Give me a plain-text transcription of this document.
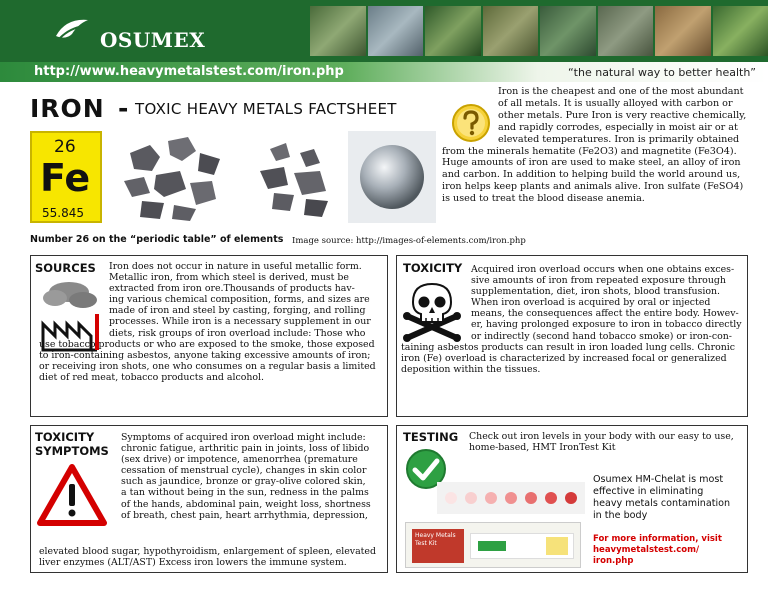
OSUMEX
http://www.heavymetalstest.com/iron.php	“the natural way to better health”
IRON - TOXIC HEAVY METALS FACTSHEET
26
Fe
55.845
Number 26 on the “periodic table” of elements Image source: http://images-of-elements.com/iron.php
Iron is the cheapest and one of the most abundant
of all metals. It is usually alloyed with carbon or
other metals. Pure Iron is very reactive chemically,
and rapidly corrodes, especially in moist air or at
elevated temperatures. Iron is primarily obtained
from the minerals hematite (Fe2O3) and magnetite (Fe3O4).
Huge amounts of iron are used to make steel, an alloy of iron
and carbon. In addition to helping build the world around us,
iron helps keep plants and animals alive. Iron sulfate (FeSO4)
is used to treat the blood disease anemia.
SOURCES Iron does not occur in nature in useful metallic form.
Metallic iron, from which steel is derived, must be
extracted from iron ore.Thousands of products hav-
ing various chemical composition, forms, and sizes are
made of iron and steel by casting, forging, and rolling
processes. While iron is a necessary supplement in our
diets, risk groups of iron overload include: Those who
use tobacco products or who are exposed to the smoke, those exposed
to iron-containing asbestos, anyone taking excessive amounts of iron;
or receiving iron shots, one who consumes on a regular basis a limited
diet of red meat, tobacco products and alcohol.
TOXICITY Acquired iron overload occurs when one obtains exces-
sive amounts of iron from repeated exposure through
supplementation, diet, iron shots, blood transfusion.
When iron overload is acquired by oral or injected
means, the consequences affect the entire body. Howev-
er, having prolonged exposure to iron in tobacco directly
or indirectly (second hand tobacco smoke) or iron-con-
taining asbestos products can result in iron loaded lung cells. Chronic
iron (Fe) overload is characterized by increased focal or generalized
deposition within the tissues.
TOXICITY
SYMPTOMS
Symptoms of acquired iron overload might include:
chronic fatigue, arthritic pain in joints, loss of libido
(sex drive) or impotence, amenorrhea (premature
cessation of menstrual cycle), changes in skin color
such as jaundice, bronze or gray-olive colored skin,
a tan without being in the sun, redness in the palms
of the hands, abdominal pain, weight loss, shortness
of breath, chest pain, heart arrhythmia, depression,
elevated blood sugar, hypothyroidism, enlargement of spleen, elevated
liver enzymes (ALT/AST) Excess iron lowers the immune system.
TESTING Check out iron levels in your body with our easy to use,
home-based, HMT IronTest Kit
Heavy Metals Test Kit
Osumex HM-Chelat is most
effective in eliminating
heavy metals contamination
in the body
For more information, visit
heavymetalstest.com/
iron.php
